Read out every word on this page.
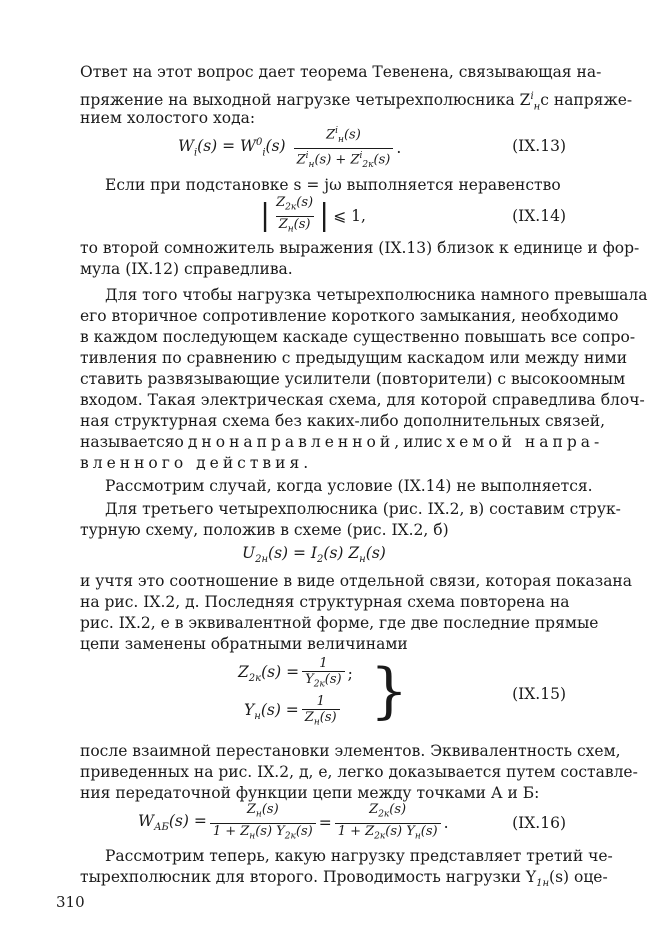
Ответ на этот вопрос дает теорема Тевенена, связывающая на-
пряжение на выходной нагрузке четырехполюсника $Z^i_нс$ напряже-
нием холостого хода:
$W_i(s) = W^0_i(s) \frac{Z^i_н(s)}{Z^i_н(s) + Z^i_{2к}(s)}$ .	(IX.13)
Если при подстановке s = jω выполняется неравенство
| $\frac{Z_{2к}(s)}{Z_н(s)}$ | ⩽ 1,	(IX.14)
то второй сомножитель выражения (IX.13) близок к единице и фор-
мула (IX.12) справедлива.
Для того чтобы нагрузка четырехполюсника намного превышала
его вторичное сопротивление короткого замыкания, необходимо
в каждом последующем каскаде существенно повышать все сопро-
тивления по сравнению с предыдущим каскадом или между ними
ставить развязывающие усилители (повторители) с высокоомным
входом. Такая электрическая схема, для которой справедлива блоч-
ная структурная схема без каких-либо дополнительных связей,
называется однонаправленной, или схемой напра-
вленного действия.
Рассмотрим случай, когда условие (IX.14) не выполняется.
Для третьего четырехполюсника (рис. IX.2, в) составим струк-
турную схему, положив в схеме (рис. IX.2, б)
$U_{2н}(s) = I_2(s)$ $Z_н(s)$
и учтя это соотношение в виде отдельной связи, которая показана
на рис. IX.2, д. Последняя структурная схема повторена на
рис. IX.2, е в эквивалентной форме, где две последние прямые
цепи заменены обратными величинами
$Z_{2к}(s) = \frac{1}{Y_{2к}(s)}$ ;
$Y_н(s) = \frac{1}{Z_н(s)}$ }	(IX.15)
после взаимной перестановки элементов. Эквивалентность схем,
приведенных на рис. IX.2, д, е, легко доказывается путем составле-
ния передаточной функции цепи между точками А и Б:
$W_{АБ}(s) = \frac{Z_н(s)}{1 + Z_н(s) Y_{2к}(s)} = \frac{Z_{2к}(s)}{1 + Z_{2к}(s) Y_н(s)}$ .	(IX.16)
Рассмотрим теперь, какую нагрузку представляет третий че-
тырехполюсник для второго. Проводимость нагрузки $Y_{1н}(s)$ оце-
310
